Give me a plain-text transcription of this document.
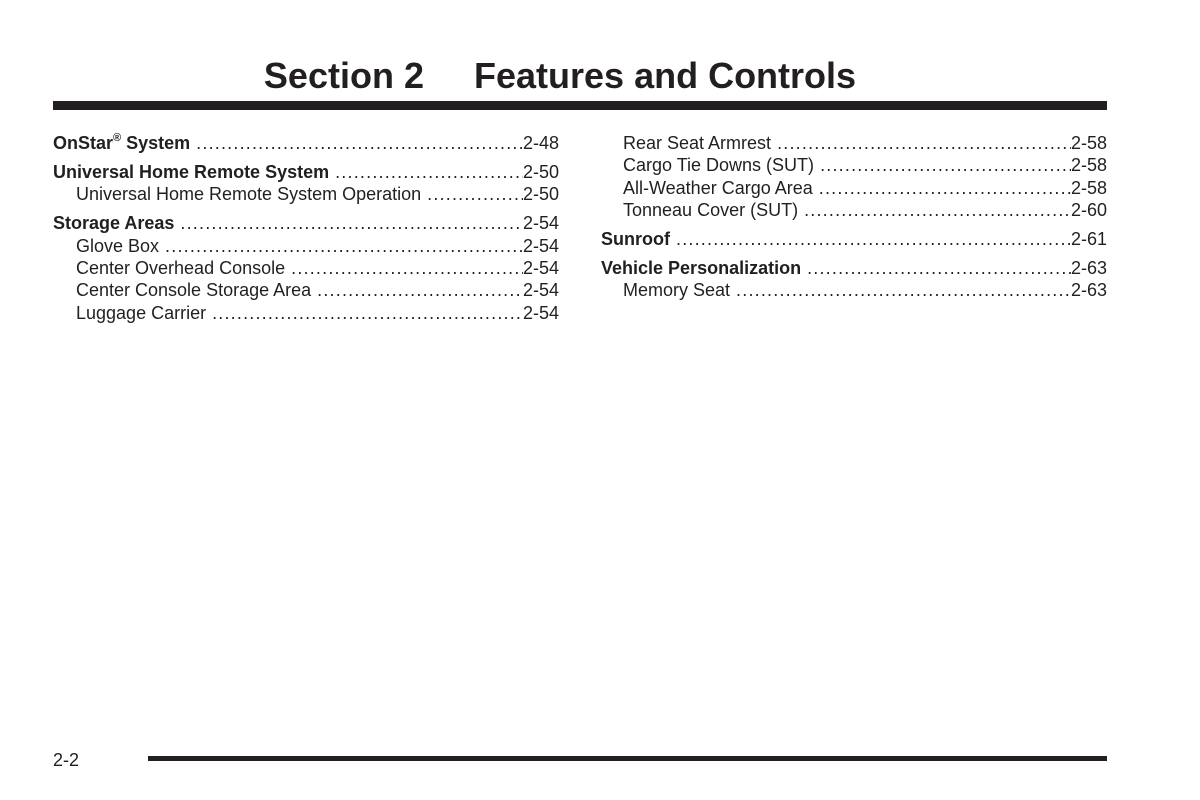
Section 2 Features and Controls
OnStar® System .....	2-48
Universal Home Remote System .....	2-50
Universal Home Remote System Operation .....	2-50
Storage Areas .....	2-54
Glove Box .....	2-54
Center Overhead Console .....	2-54
Center Console Storage Area .....	2-54
Luggage Carrier .....	2-54
Rear Seat Armrest .....	2-58
Cargo Tie Downs (SUT) .....	2-58
All-Weather Cargo Area .....	2-58
Tonneau Cover (SUT) .....	2-60
Sunroof .....	2-61
Vehicle Personalization .....	2-63
Memory Seat .....	2-63
2-2
